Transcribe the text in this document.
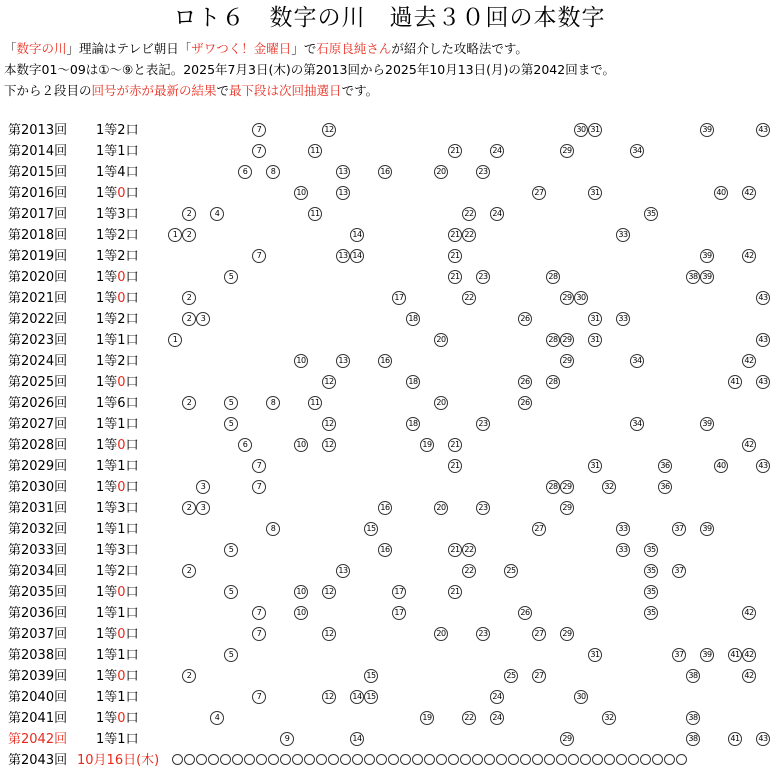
ロト６　数字の川　過去３０回の本数字
「数字の川」理論はテレビ朝日「ザワつく！金曜日」で石原良純さんが紹介した攻略法です。
本数字01〜09は①〜⑨と表記。2025年7月3日(木)の第2013回から2025年10月13日(月)の第2042回まで。
下から２段目の回号が赤が最新の結果で最下段は次回抽選日です。
第2013回 1等2口	7	12	30 31	39	43
第2014回 1等1口	7	11	21	24	29	34
第2015回 1等4口	6	8	13	16	20	23
第2016回 1等0口	10	13	27	31	40	42
第2017回 1等3口	2	4	11	22	24	35
第2018回 1等2口	1	2	14	21 22	33
第2019回 1等2口	7	13 14	21	39	42
第2020回 1等0口	5	21	23	28	38 39
第2021回 1等0口	2	17	22	29 30	43
第2022回 1等2口	2	3	18	26	31	33
第2023回 1等1口	1	20	28 29	31	43
第2024回 1等2口	10	13	16	29	34	42
第2025回 1等0口	12	18	26	28	41	43
第2026回 1等6口	2	5	8	11	20	26
第2027回 1等1口	5	12	18	23	34	39
第2028回 1等0口	6	10	12	19	21	42
第2029回 1等1口	7	21	31	36	40	43
第2030回 1等0口	3	7	28 29	32	36
第2031回 1等3口	2	3	16	20	23	29
第2032回 1等1口	8	15	27	33	37	39
第2033回 1等3口	5	16	21 22	33	35
第2034回 1等2口	2	13	22	25	35	37
第2035回 1等0口	5	10	12	17	21	35
第2036回 1等1口	7	10	17	26	35	42
第2037回 1等0口	7	12	20	23	27	29
第2038回 1等1口	5	31	37	39	41 42
第2039回 1等0口	2	15	25	27	38	42
第2040回 1等1口	7	12	14 15	24	30
第2041回 1等0口	4	19	22	24	32	38
第2042回 1等1口	9	14	29	38	41	43
第2043回 10月16日(木)
